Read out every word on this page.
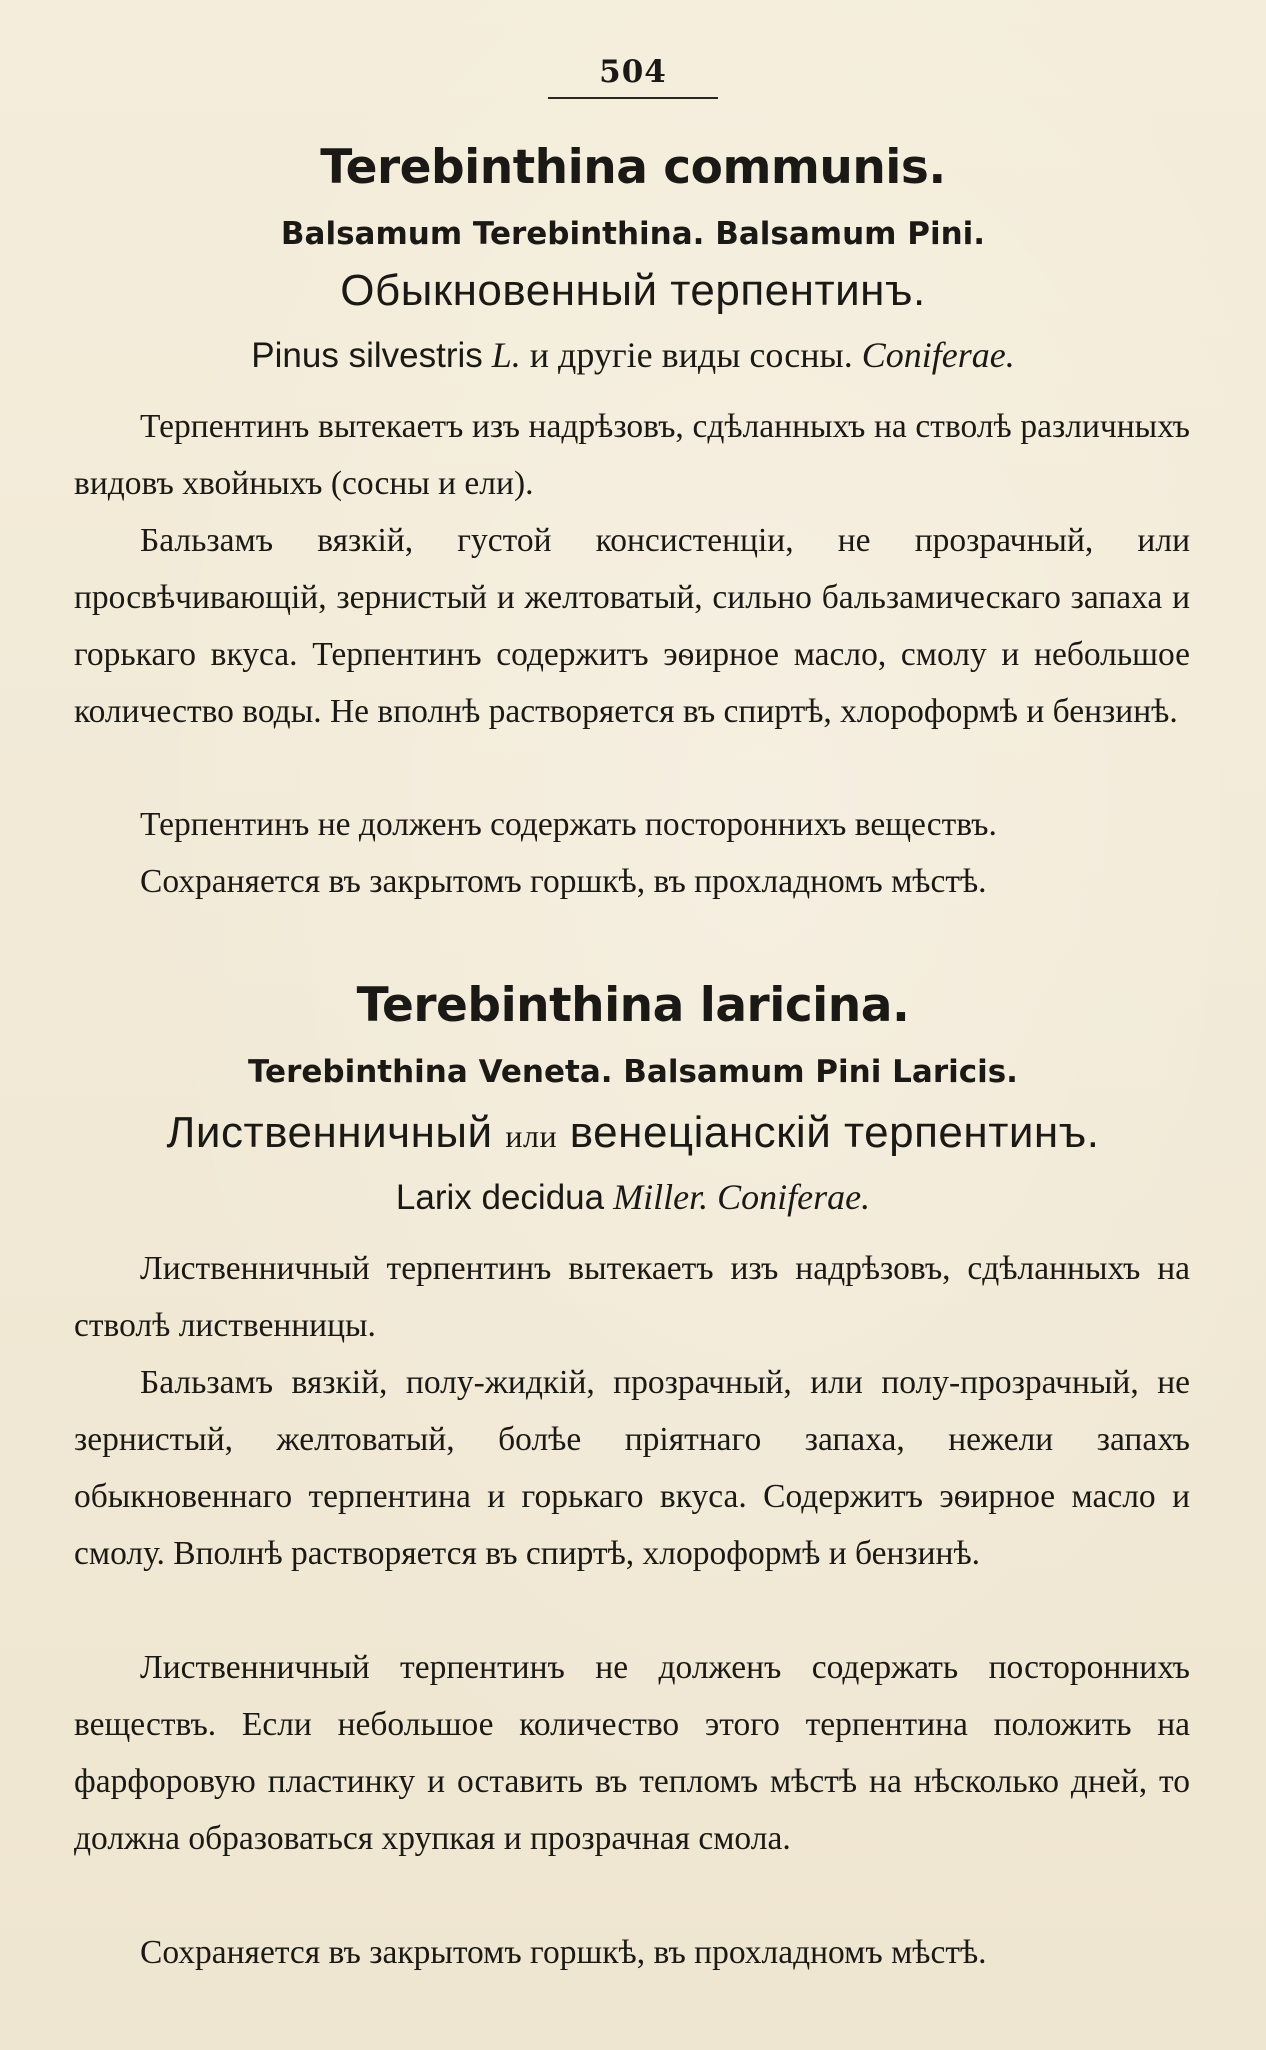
504
Terebinthina communis.
Balsamum Terebinthina. Balsamum Pini.
Обыкновенный терпентинъ.
Pinus silvestris L. и другіе виды сосны. Coniferae.
Терпентинъ вытекаетъ изъ надрѣзовъ, сдѣланныхъ на стволѣ различныхъ видовъ хвойныхъ (сосны и ели).
Бальзамъ вязкій, густой консистенціи, не прозрачный, или просвѣчивающій, зернистый и желтоватый, сильно бальзамическаго запаха и горькаго вкуса. Терпентинъ содержитъ эѳирное масло, смолу и небольшое количество воды. Не вполнѣ растворяется въ спиртѣ, хлороформѣ и бензинѣ.
Терпентинъ не долженъ содержать постороннихъ веществъ.
Сохраняется въ закрытомъ горшкѣ, въ прохладномъ мѣстѣ.
Terebinthina laricina.
Terebinthina Veneta. Balsamum Pini Laricis.
Лиственничный или венеціанскій терпентинъ.
Larix decidua Miller. Coniferae.
Лиственничный терпентинъ вытекаетъ изъ надрѣзовъ, сдѣланныхъ на стволѣ лиственницы.
Бальзамъ вязкій, полу-жидкій, прозрачный, или полу-прозрачный, не зернистый, желтоватый, болѣе пріятнаго запаха, нежели запахъ обыкновеннаго терпентина и горькаго вкуса. Содержитъ эѳирное масло и смолу. Вполнѣ растворяется въ спиртѣ, хлороформѣ и бензинѣ.
Лиственничный терпентинъ не долженъ содержать постороннихъ веществъ. Если небольшое количество этого терпентина положить на фарфоровую пластинку и оставить въ тепломъ мѣстѣ на нѣсколько дней, то должна образоваться хрупкая и прозрачная смола.
Сохраняется въ закрытомъ горшкѣ, въ прохладномъ мѣстѣ.
